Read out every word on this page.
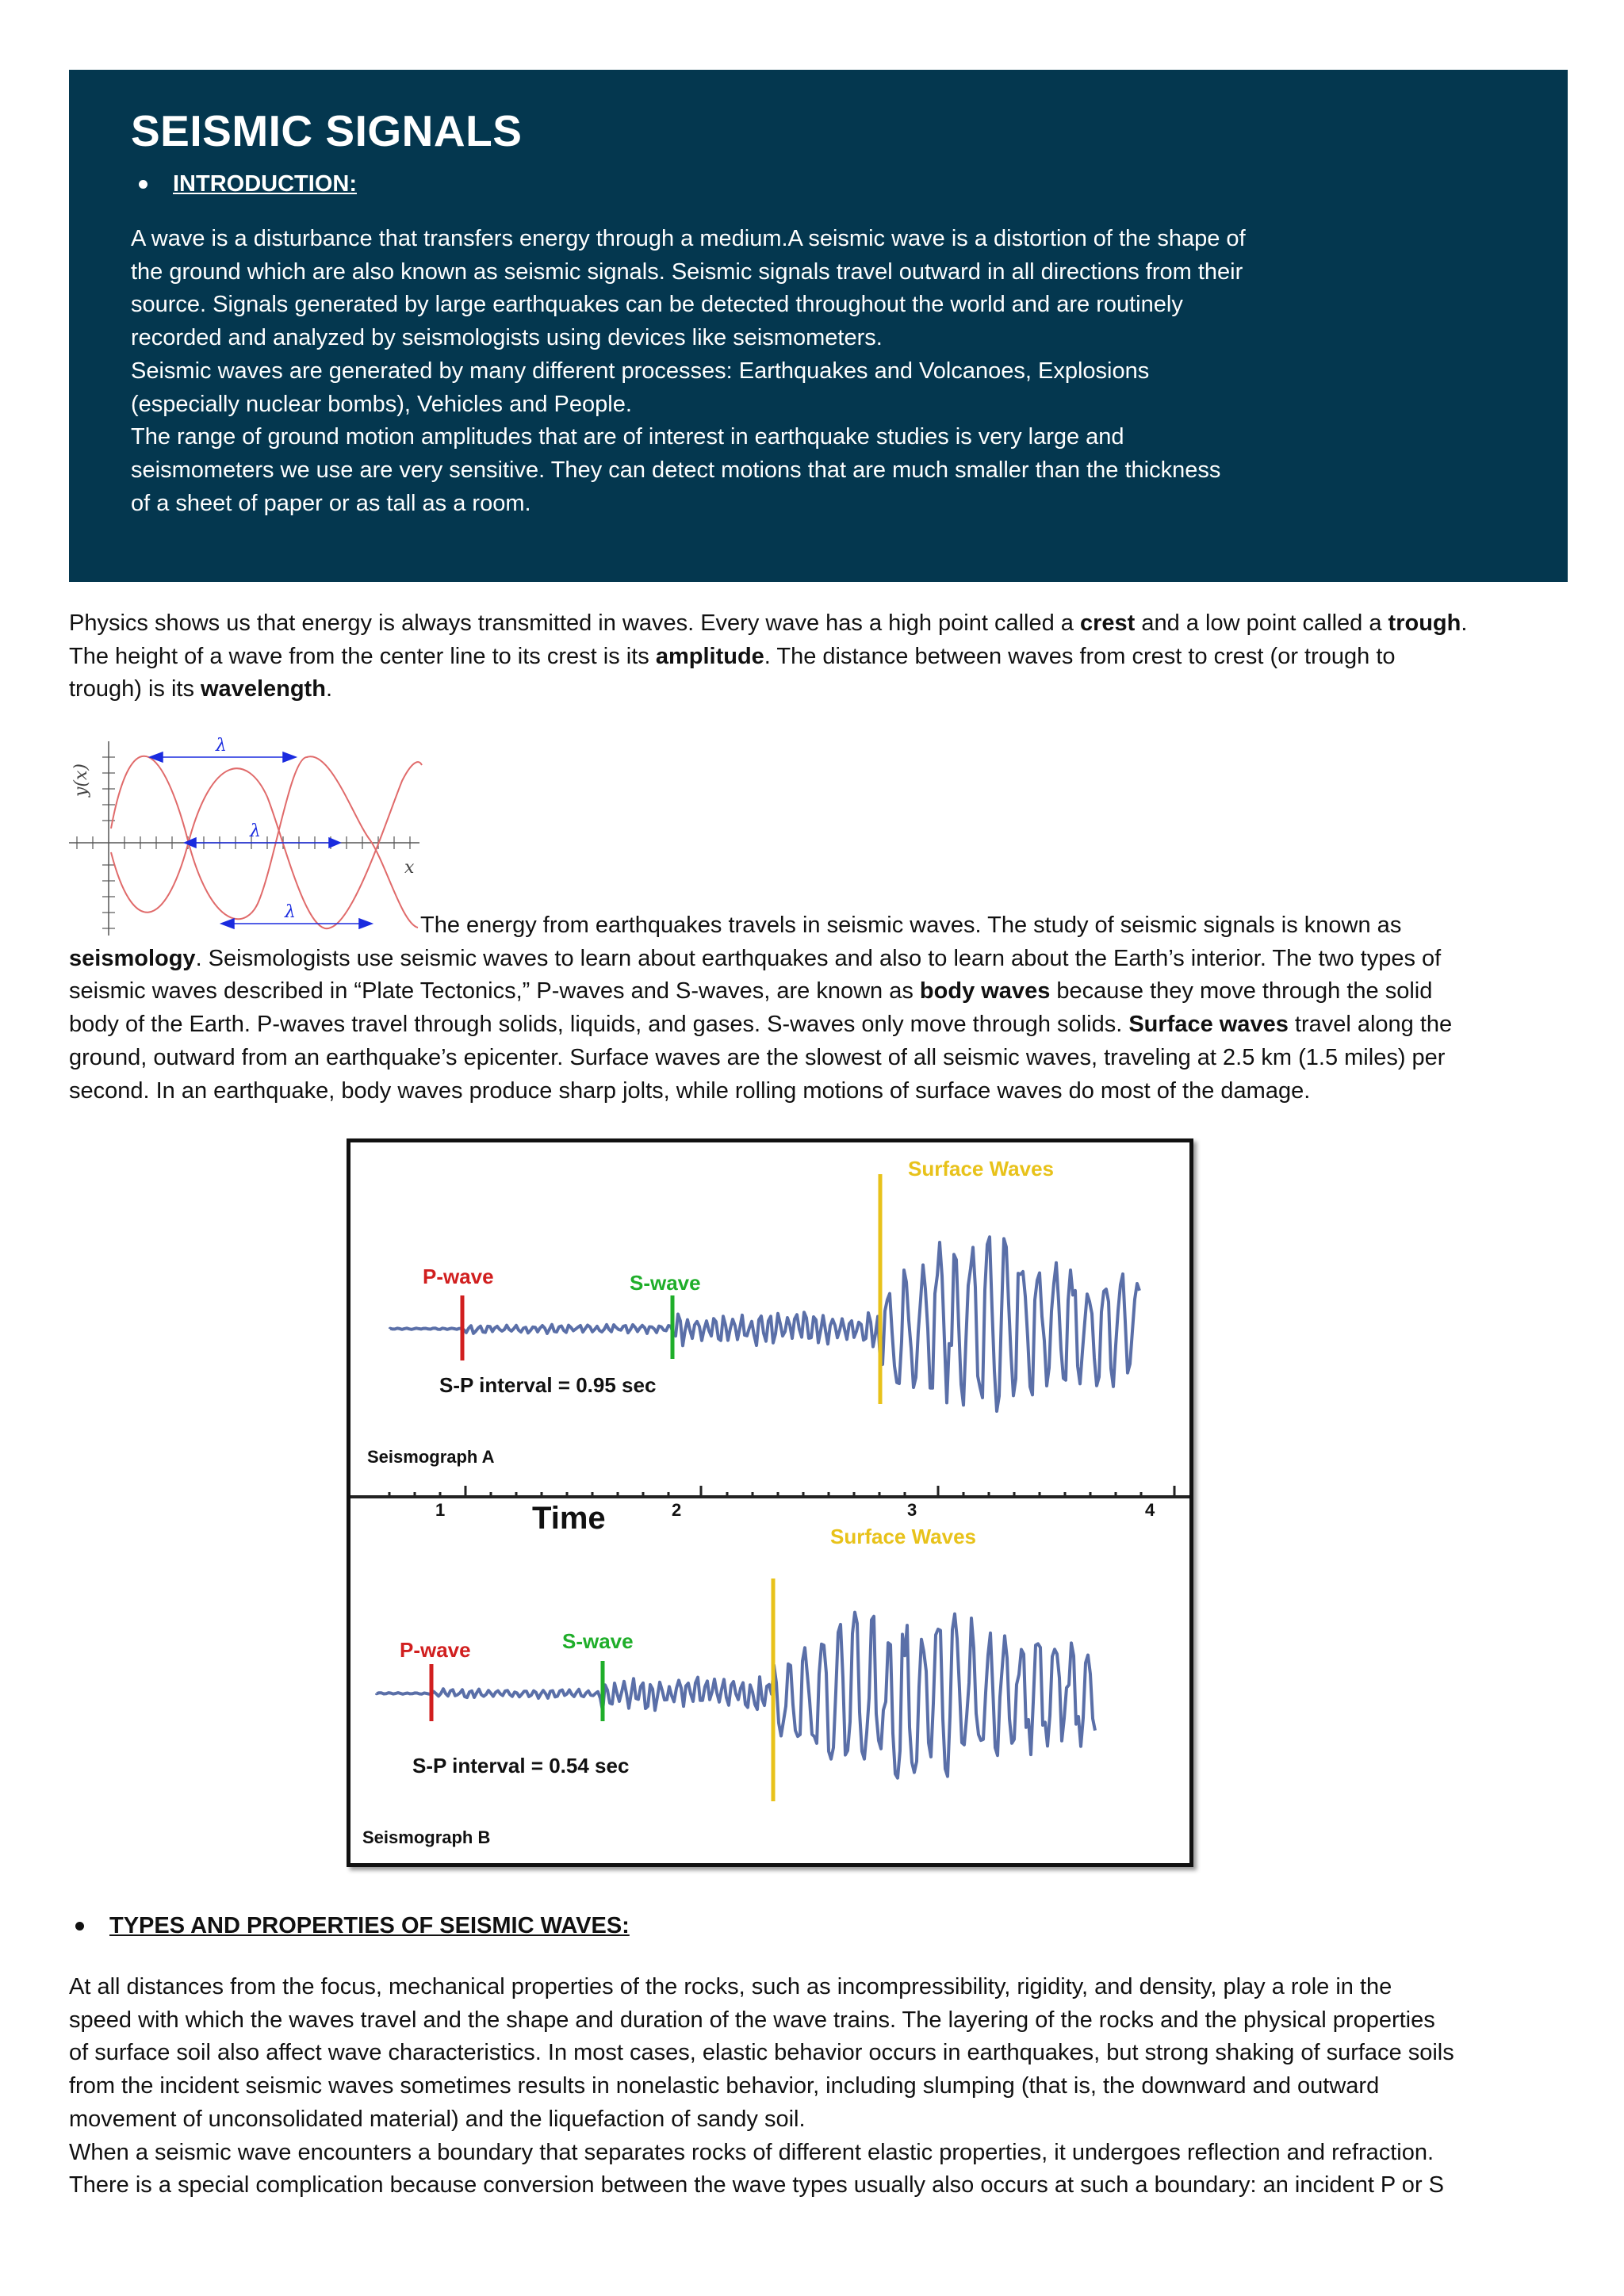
SEISMIC SIGNALS
INTRODUCTION:
A wave is a disturbance that transfers energy through a medium.A seismic wave is a distortion of the shape of
the ground which are also known as seismic signals. Seismic signals travel outward in all directions from their
source. Signals generated by large earthquakes can be detected throughout the world and are routinely
recorded and analyzed by seismologists using devices like seismometers.
Seismic waves are generated by many different processes: Earthquakes and Volcanoes, Explosions
(especially nuclear bombs), Vehicles and People.
The range of ground motion amplitudes that are of interest in earthquake studies is very large and
seismometers we use are very sensitive. They can detect motions that are much smaller than the thickness
of a sheet of paper or as tall as a room.
Physics shows us that energy is always transmitted in waves. Every wave has a high point called a crest and a low point called a trough.
The height of a wave from the center line to its crest is its amplitude. The distance between waves from crest to crest (or trough to
trough) is its wavelength.
λ
λ
λ
x
y(x)
The energy from earthquakes travels in seismic waves. The study of seismic signals is known as
seismology. Seismologists use seismic waves to learn about earthquakes and also to learn about the Earth’s interior. The two types of
seismic waves described in “Plate Tectonics,” P-waves and S-waves, are known as body waves because they move through the solid
body of the Earth. P-waves travel through solids, liquids, and gases. S-waves only move through solids. Surface waves travel along the
ground, outward from an earthquake’s epicenter. Surface waves are the slowest of all seismic waves, traveling at 2.5 km (1.5 miles) per
second. In an earthquake, body waves produce sharp jolts, while rolling motions of surface waves do most of the damage.
Surface Waves
P-wave	S-wave
S-P interval = 0.95 sec
Seismograph A
1	2	3	4
Time
Surface Waves
P-wave	S-wave
S-P interval = 0.54 sec
Seismograph B
TYPES AND PROPERTIES OF SEISMIC WAVES:
At all distances from the focus, mechanical properties of the rocks, such as incompressibility, rigidity, and density, play a role in the
speed with which the waves travel and the shape and duration of the wave trains. The layering of the rocks and the physical properties
of surface soil also affect wave characteristics. In most cases, elastic behavior occurs in earthquakes, but strong shaking of surface soils
from the incident seismic waves sometimes results in nonelastic behavior, including slumping (that is, the downward and outward
movement of unconsolidated material) and the liquefaction of sandy soil.
When a seismic wave encounters a boundary that separates rocks of different elastic properties, it undergoes reflection and refraction.
There is a special complication because conversion between the wave types usually also occurs at such a boundary: an incident P or S
